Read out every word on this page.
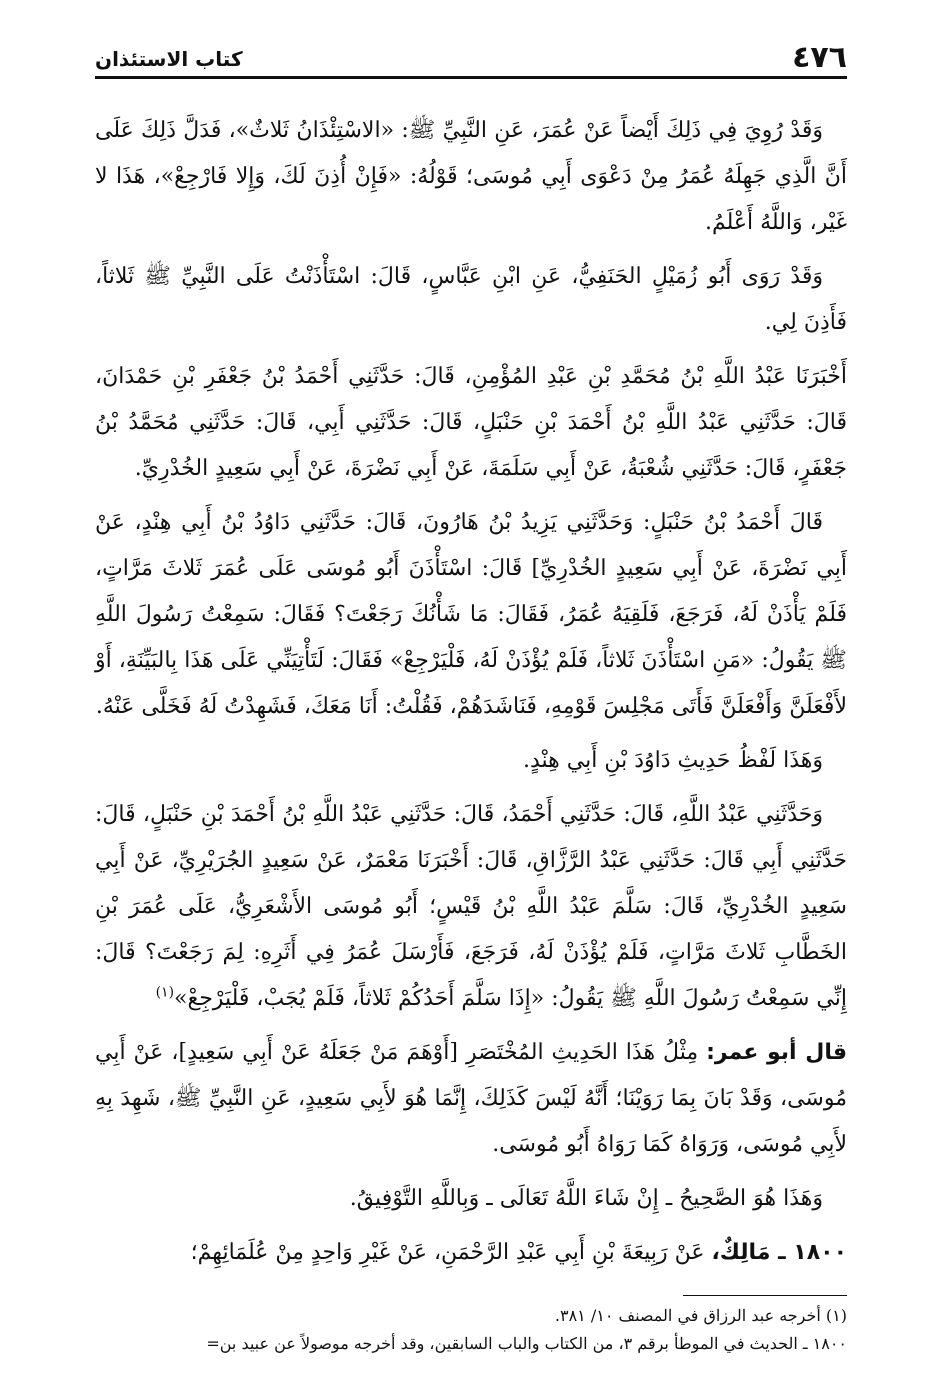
٤٧٦
كتاب الاستئذان

وَقَدْ رُوِيَ فِي ذَلِكَ أَيْضاً عَنْ عُمَرَ، عَنِ النَّبِيِّ ﷺ: «الاسْتِئْذَانُ ثَلاثٌ»، فَدَلَّ ذَلِكَ عَلَى أَنَّ الَّذِي جَهِلَهُ عُمَرُ مِنْ دَعْوَى أَبِي مُوسَى؛ قَوْلُهُ: «فَإِنْ أُذِنَ لَكَ، وَإِلا فَارْجِعْ»، هَذَا لا غَيْر، وَاللَّهُ أَعْلَمُ.

وَقَدْ رَوَى أَبُو زُمَيْلٍ الحَنَفِيُّ، عَنِ ابْنِ عَبَّاسٍ، قَالَ: اسْتَأْذَنْتُ عَلَى النَّبِيِّ ﷺ ثَلاثاً، فَأَذِنَ لِي.

أَخْبَرَنَا عَبْدُ اللَّهِ بْنُ مُحَمَّدِ بْنِ عَبْدِ المُؤْمِنِ، قَالَ: حَدَّثَنِي أَحْمَدُ بْنُ جَعْفَرِ بْنِ حَمْدَانَ، قَالَ: حَدَّثَنِي عَبْدُ اللَّهِ بْنُ أَحْمَدَ بْنِ حَنْبَلٍ، قَالَ: حَدَّثَنِي أَبِي، قَالَ: حَدَّثَنِي مُحَمَّدُ بْنُ جَعْفَرٍ، قَالَ: حَدَّثَنِي شُعْبَةُ، عَنْ أَبِي سَلَمَةَ، عَنْ أَبِي نَضْرَةَ، عَنْ أَبِي سَعِيدٍ الخُدْرِيِّ.

قَالَ أَحْمَدُ بْنُ حَنْبَلٍ: وَحَدَّثَنِي يَزِيدُ بْنُ هَارُونَ، قَالَ: حَدَّثَنِي دَاوُدُ بْنُ أَبِي هِنْدٍ، عَنْ أَبِي نَضْرَةَ، عَنْ أَبِي سَعِيدٍ الخُدْرِيِّ] قَالَ: اسْتَأْذَنَ أَبُو مُوسَى عَلَى عُمَرَ ثَلاثَ مَرَّاتٍ، فَلَمْ يَأْذَنْ لَهُ، فَرَجَعَ، فَلَقِيَهُ عُمَرُ، فَقَالَ: مَا شَأْنُكَ رَجَعْتَ؟ فَقَالَ: سَمِعْتُ رَسُولَ اللَّهِ ﷺ يَقُولُ: «مَنِ اسْتَأْذَنَ ثَلاثاً، فَلَمْ يُؤْذَنْ لَهُ، فَلْيَرْجِعْ» فَقَالَ: لَتَأْتِيَنِّي عَلَى هَذَا بِالبَيِّنَةِ، أَوْ لأَفْعَلَنَّ وَأَفْعَلَنَّ فَأَتَى مَجْلِسَ قَوْمِهِ، فَنَاشَدَهُمْ، فَقُلْتُ: أَنَا مَعَكَ، فَشَهِدْتُ لَهُ فَخَلَّى عَنْهُ.

وَهَذَا لَفْظُ حَدِيثِ دَاوُدَ بْنِ أَبِي هِنْدٍ.

وَحَدَّثَنِي عَبْدُ اللَّهِ، قَالَ: حَدَّثَنِي أَحْمَدُ، قَالَ: حَدَّثَنِي عَبْدُ اللَّهِ بْنُ أَحْمَدَ بْنِ حَنْبَلٍ، قَالَ: حَدَّثَنِي أَبِي قَالَ: حَدَّثَنِي عَبْدُ الرَّزَّاقِ، قَالَ: أَخْبَرَنَا مَعْمَرٌ، عَنْ سَعِيدٍ الجُرَيْرِيِّ، عَنْ أَبِي سَعِيدٍ الخُدْرِيِّ، قَالَ: سَلَّمَ عَبْدُ اللَّهِ بْنُ قَيْسٍ؛ أَبُو مُوسَى الأَشْعَرِيُّ، عَلَى عُمَرَ بْنِ الخَطَّابِ ثَلاثَ مَرَّاتٍ، فَلَمْ يُؤْذَنْ لَهُ، فَرَجَعَ، فَأَرْسَلَ عُمَرُ فِي أَثَرِهِ: لِمَ رَجَعْتَ؟ قَالَ: إِنِّي سَمِعْتُ رَسُولَ اللَّهِ ﷺ يَقُولُ: «إِذَا سَلَّمَ أَحَدُكُمْ ثَلاثاً، فَلَمْ يُجَبْ، فَلْيَرْجِعْ»$^{(١)}$

قال أبو عمر: مِثْلُ هَذَا الحَدِيثِ المُخْتَصَرِ [أَوْهَمَ مَنْ جَعَلَهُ عَنْ أَبِي سَعِيدٍ]، عَنْ أَبِي مُوسَى، وَقَدْ بَانَ بِمَا رَوَيْنَا؛ أَنَّهُ لَيْسَ كَذَلِكَ، إِنَّمَا هُوَ لأَبِي سَعِيدٍ، عَنِ النَّبِيِّ ﷺ، شَهِدَ بِهِ لأَبِي مُوسَى، وَرَوَاهُ كَمَا رَوَاهُ أَبُو مُوسَى.

وَهَذَا هُوَ الصَّحِيحُ ـ إِنْ شَاءَ اللَّهُ تَعَالَى ـ وَبِاللَّهِ التَّوْفِيقُ.

١٨٠٠ ـ مَالِكٌ، عَنْ رَبِيعَةَ بْنِ أَبِي عَبْدِ الرَّحْمَنِ، عَنْ غَيْرِ وَاحِدٍ مِنْ عُلَمَائِهِمْ؛

(١) أخرجه عبد الرزاق في المصنف ١٠/ ٣٨١.

١٨٠٠ ـ الحديث في الموطأ برقم ٣، من الكتاب والباب السابقين، وقد أخرجه موصولاً عن عبيد بن=
